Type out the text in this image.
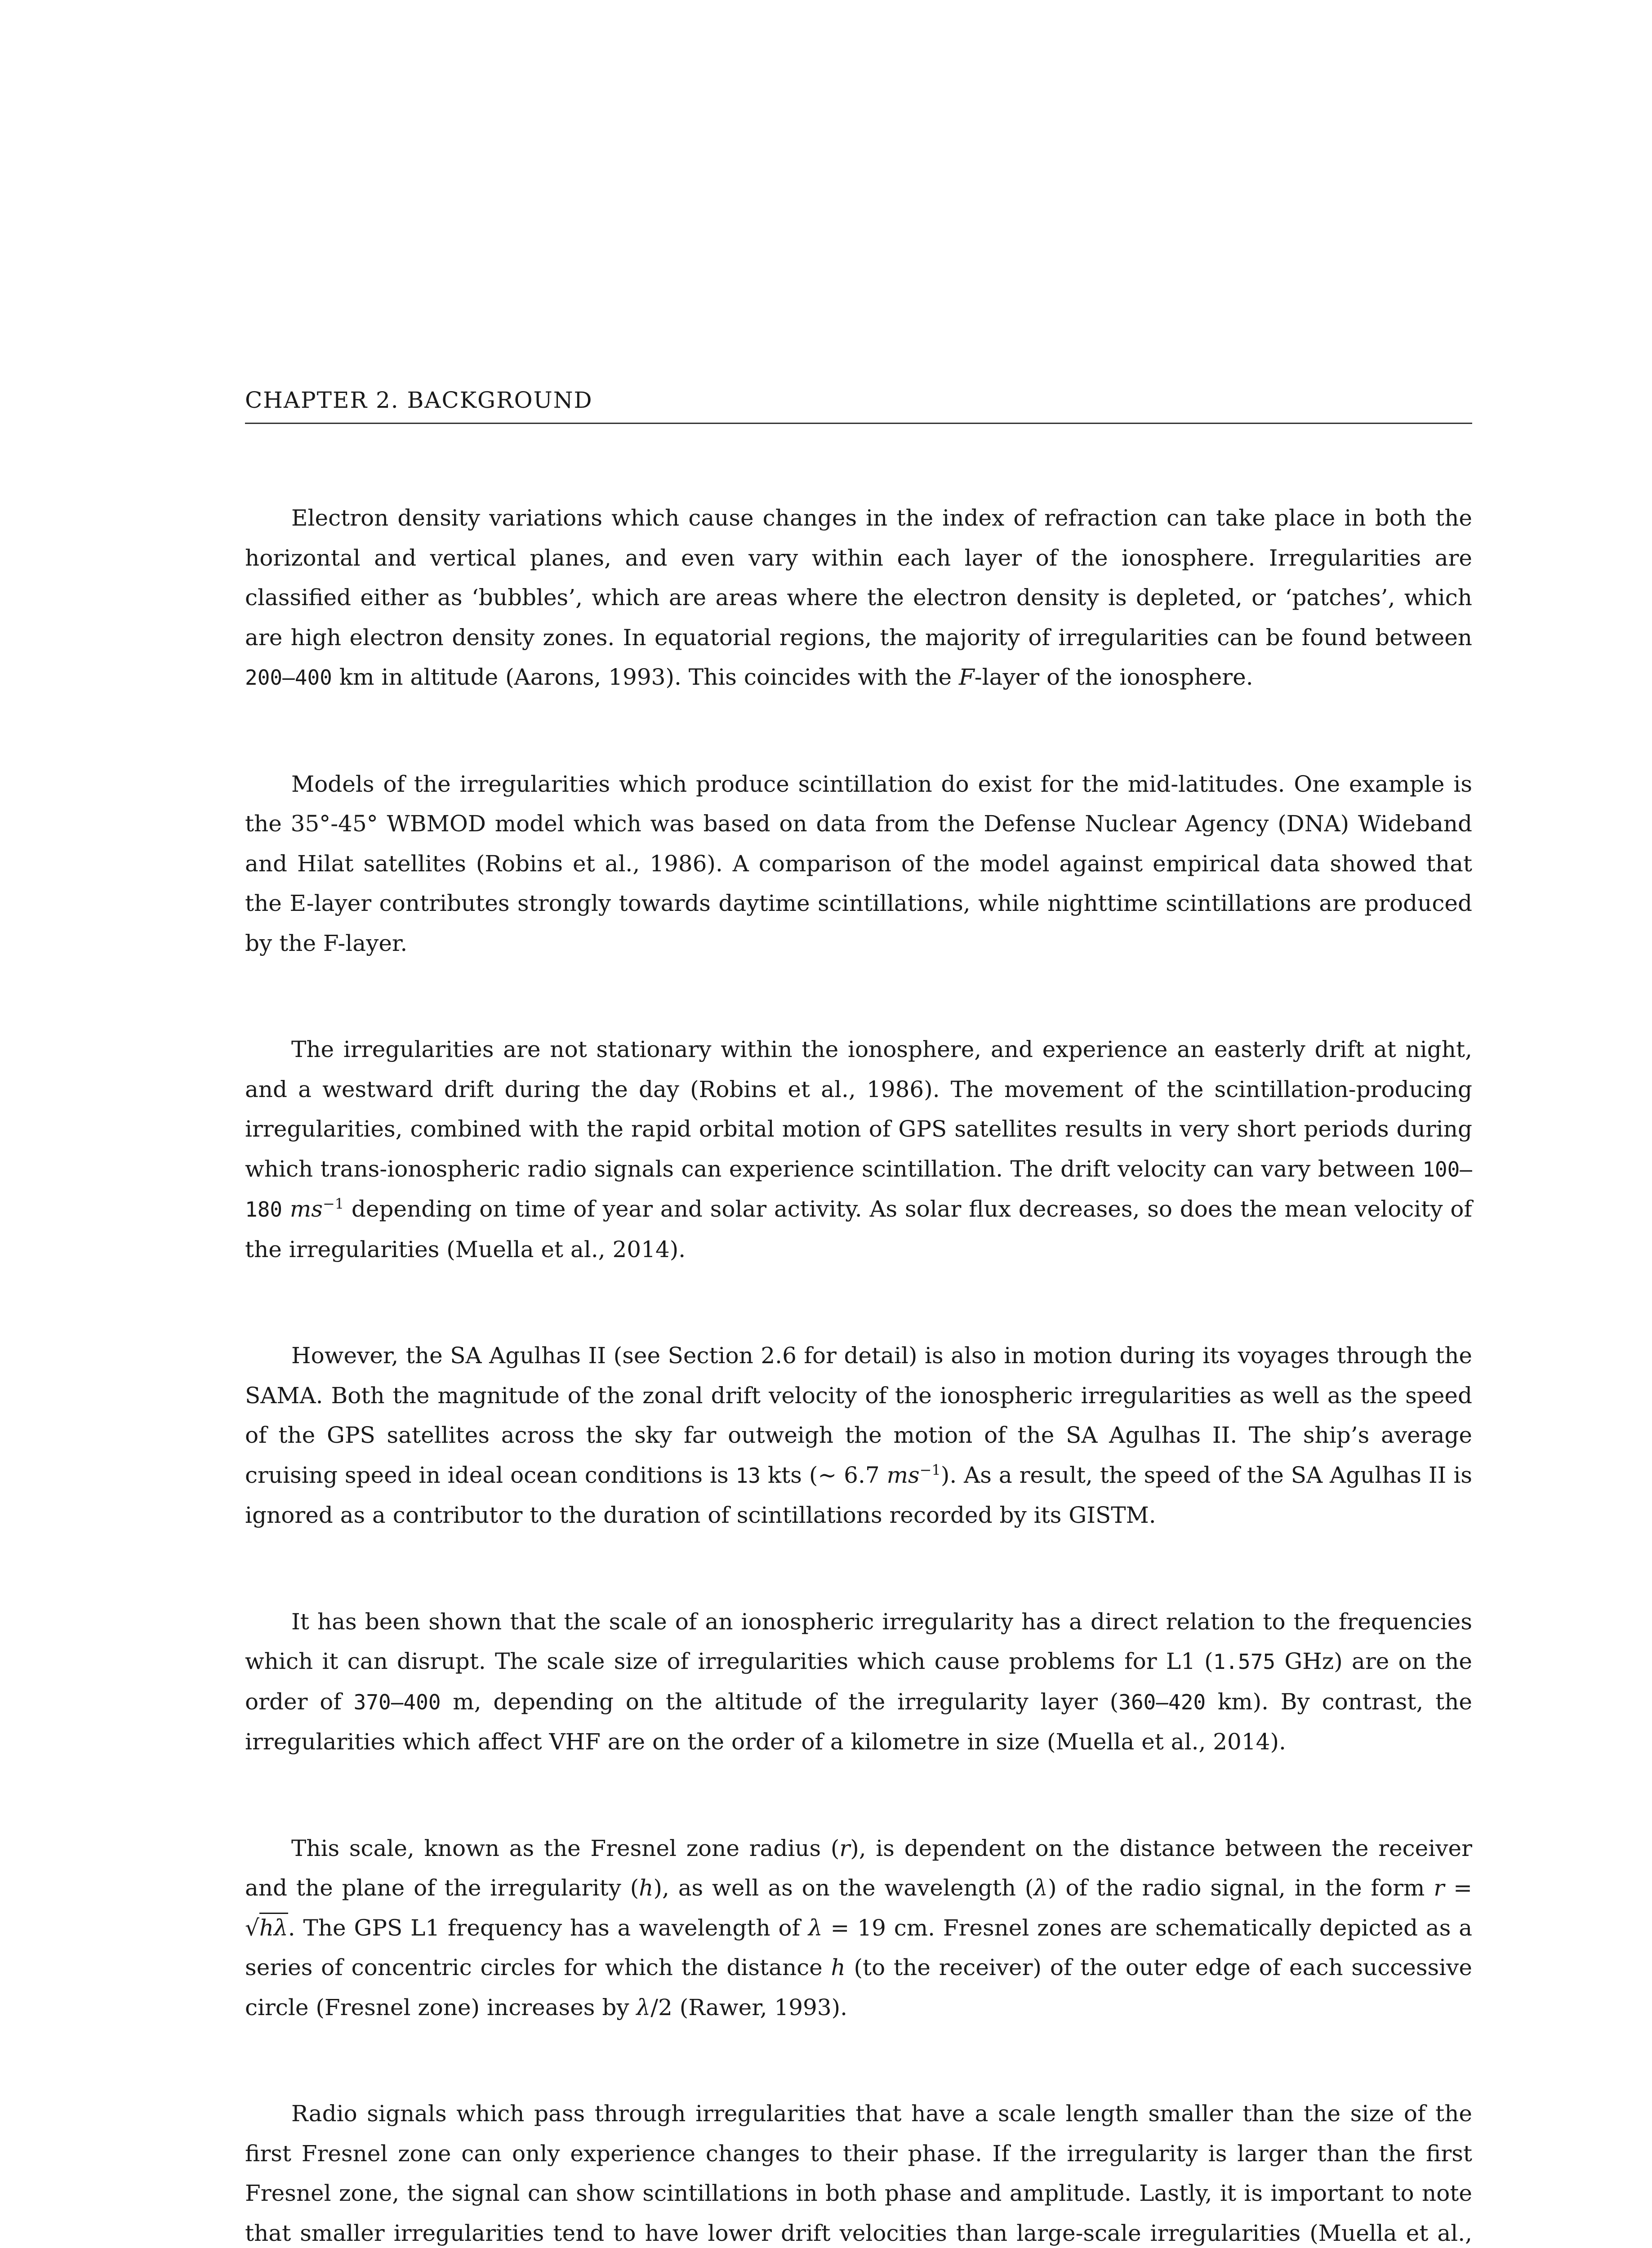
CHAPTER 2. BACKGROUND

Electron density variations which cause changes in the index of refraction can take place in both the horizontal and vertical planes, and even vary within each layer of the ionosphere. Irregularities are classified either as ‘bubbles’, which are areas where the electron density is depleted, or ‘patches’, which are high electron density zones. In equatorial regions, the majority of irregularities can be found between 200–400 km in altitude (Aarons, 1993). This coincides with the F-layer of the ionosphere.

Models of the irregularities which produce scintillation do exist for the mid-latitudes. One example is the 35°-45° WBMOD model which was based on data from the Defense Nuclear Agency (DNA) Wideband and Hilat satellites (Robins et al., 1986). A comparison of the model against empirical data showed that the E-layer contributes strongly towards daytime scintillations, while nighttime scintillations are produced by the F-layer.

The irregularities are not stationary within the ionosphere, and experience an easterly drift at night, and a westward drift during the day (Robins et al., 1986). The movement of the scintillation-producing irregularities, combined with the rapid orbital motion of GPS satellites results in very short periods during which trans-ionospheric radio signals can experience scintillation. The drift velocity can vary between 100–180 $ms^{-1}$ depending on time of year and solar activity. As solar flux decreases, so does the mean velocity of the irregularities (Muella et al., 2014).

However, the SA Agulhas II (see Section 2.6 for detail) is also in motion during its voyages through the SAMA. Both the magnitude of the zonal drift velocity of the ionospheric irregularities as well as the speed of the GPS satellites across the sky far outweigh the motion of the SA Agulhas II. The ship’s average cruising speed in ideal ocean conditions is 13 kts (∼ 6.7 $ms^{-1}$). As a result, the speed of the SA Agulhas II is ignored as a contributor to the duration of scintillations recorded by its GISTM.

It has been shown that the scale of an ionospheric irregularity has a direct relation to the frequencies which it can disrupt. The scale size of irregularities which cause problems for L1 (1.575 GHz) are on the order of 370–400 m, depending on the altitude of the irregularity layer (360–420 km). By contrast, the irregularities which affect VHF are on the order of a kilometre in size (Muella et al., 2014).

This scale, known as the Fresnel zone radius (r), is dependent on the distance between the receiver and the plane of the irregularity (h), as well as on the wavelength (λ) of the radio signal, in the form r = √hλ. The GPS L1 frequency has a wavelength of λ = 19 cm. Fresnel zones are schematically depicted as a series of concentric circles for which the distance h (to the receiver) of the outer edge of each successive circle (Fresnel zone) increases by λ/2 (Rawer, 1993).

Radio signals which pass through irregularities that have a scale length smaller than the size of the first Fresnel zone can only experience changes to their phase. If the irregularity is larger than the first Fresnel zone, the signal can show scintillations in both phase and amplitude. Lastly, it is important to note that smaller irregularities tend to have lower drift velocities than large-scale irregularities (Muella et al.,
